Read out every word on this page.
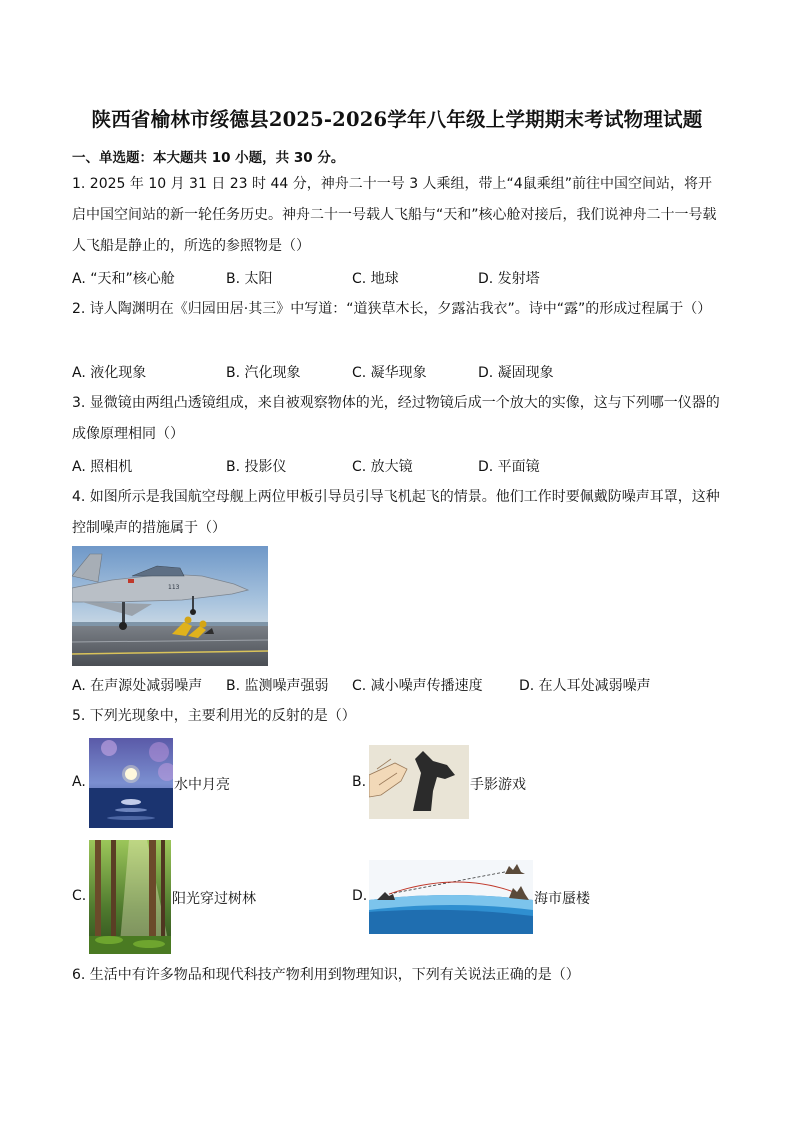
陕西省榆林市绥德县2025-2026学年八年级上学期期末考试物理试题
一、单选题：本大题共 10 小题，共 30 分。

1. 2025 年 10 月 31 日 23 时 44 分，神舟二十一号 3 人乘组，带上“4鼠乘组”前往中国空间站，将开启中国空间站的新一轮任务历史。神舟二十一号载人飞船与“天和”核心舱对接后，我们说神舟二十一号载人飞船是静止的，所选的参照物是（）

A. “天和”核心舱	B. 太阳	C. 地球	D. 发射塔

2. 诗人陶渊明在《归园田居·其三》中写道：“道狭草木长，夕露沾我衣”。诗中“露”的形成过程属于（）

A. 液化现象	B. 汽化现象	C. 凝华现象	D. 凝固现象

3. 显微镜由两组凸透镜组成，来自被观察物体的光，经过物镜后成一个放大的实像，这与下列哪一仪器的成像原理相同（）

A. 照相机	B. 投影仪	C. 放大镜	D. 平面镜

4. 如图所示是我国航空母舰上两位甲板引导员引导飞机起飞的情景。他们工作时要佩戴防噪声耳罩，这种控制噪声的措施属于（）

113
A. 在声源处减弱噪声 B. 监测噪声强弱 C. 减小噪声传播速度	D. 在人耳处减弱噪声

5. 下列光现象中，主要利用光的反射的是（）

A.	水中月亮	B.	手影游戏
C.	阳光穿过树林	D.	海市蜃楼

6. 生活中有许多物品和现代科技产物利用到物理知识，下列有关说法正确的是（）
